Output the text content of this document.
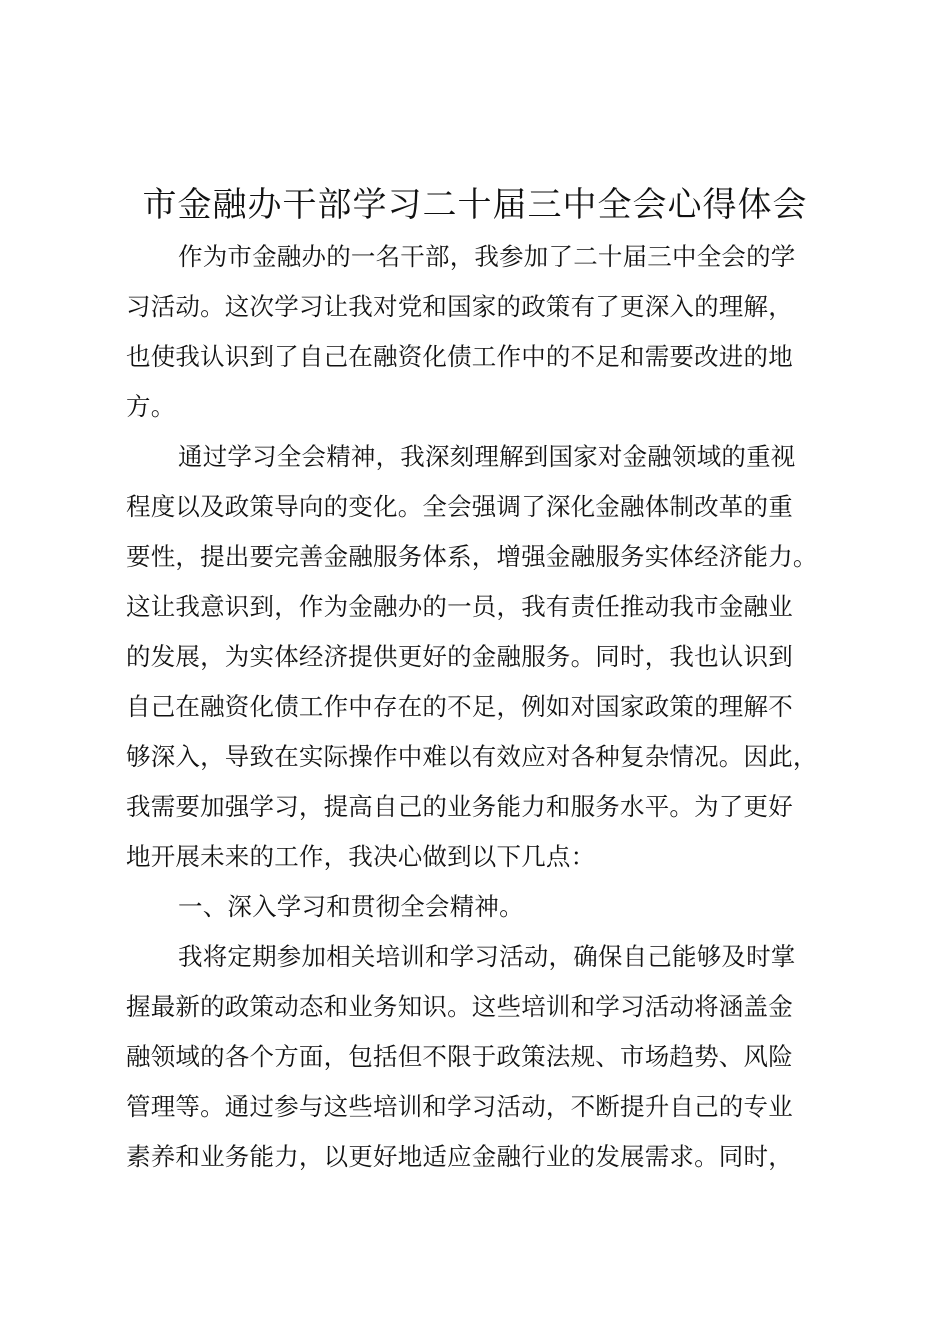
市金融办干部学习二十届三中全会心得体会
作为市金融办的一名干部，我参加了二十届三中全会的学
习活动。这次学习让我对党和国家的政策有了更深入的理解，
也使我认识到了自己在融资化债工作中的不足和需要改进的地
方。
通过学习全会精神，我深刻理解到国家对金融领域的重视
程度以及政策导向的变化。全会强调了深化金融体制改革的重
要性，提出要完善金融服务体系，增强金融服务实体经济能力。
这让我意识到，作为金融办的一员，我有责任推动我市金融业
的发展，为实体经济提供更好的金融服务。同时，我也认识到
自己在融资化债工作中存在的不足，例如对国家政策的理解不
够深入，导致在实际操作中难以有效应对各种复杂情况。因此，
我需要加强学习，提高自己的业务能力和服务水平。为了更好
地开展未来的工作，我决心做到以下几点：
一、深入学习和贯彻全会精神。
我将定期参加相关培训和学习活动，确保自己能够及时掌
握最新的政策动态和业务知识。这些培训和学习活动将涵盖金
融领域的各个方面，包括但不限于政策法规、市场趋势、风险
管理等。通过参与这些培训和学习活动，不断提升自己的专业
素养和业务能力，以更好地适应金融行业的发展需求。同时，
